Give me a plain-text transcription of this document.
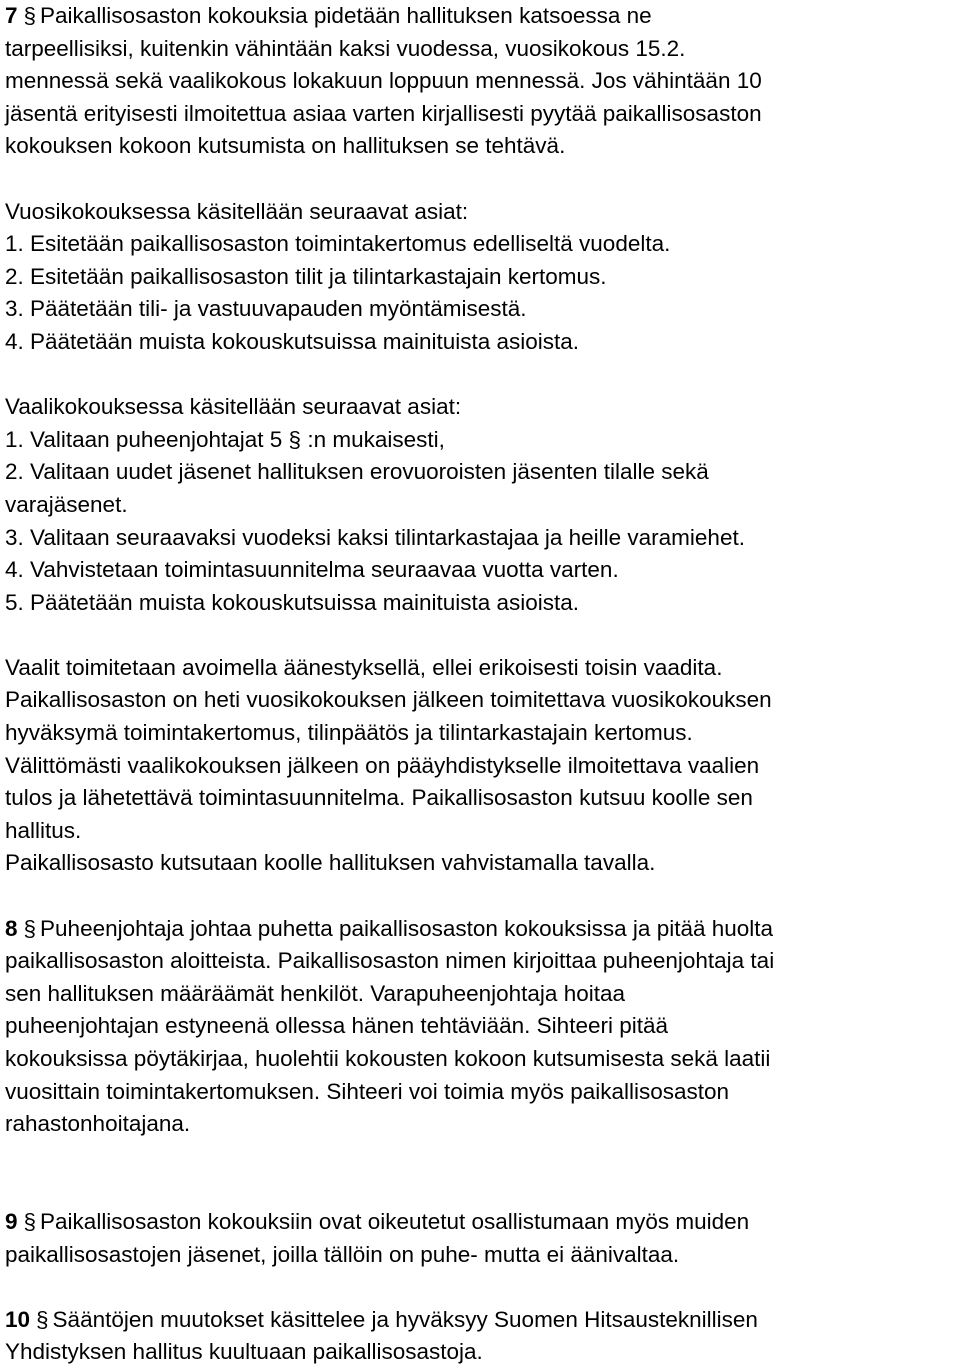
7 § Paikallisosaston kokouksia pidetään hallituksen katsoessa ne
tarpeellisiksi, kuitenkin vähintään kaksi vuodessa, vuosikokous 15.2.
mennessä sekä vaalikokous lokakuun loppuun mennessä. Jos vähintään 10
jäsentä erityisesti ilmoitettua asiaa varten kirjallisesti pyytää paikallisosaston
kokouksen kokoon kutsumista on hallituksen se tehtävä.
Vuosikokouksessa käsitellään seuraavat asiat:
1. Esitetään paikallisosaston toimintakertomus edelliseltä vuodelta.
2. Esitetään paikallisosaston tilit ja tilintarkastajain kertomus.
3. Päätetään tili- ja vastuuvapauden myöntämisestä.
4. Päätetään muista kokouskutsuissa mainituista asioista.
Vaalikokouksessa käsitellään seuraavat asiat:
1. Valitaan puheenjohtajat 5 § :n mukaisesti,
2. Valitaan uudet jäsenet hallituksen erovuoroisten jäsenten tilalle sekä
varajäsenet.
3. Valitaan seuraavaksi vuodeksi kaksi tilintarkastajaa ja heille varamiehet.
4. Vahvistetaan toimintasuunnitelma seuraavaa vuotta varten.
5. Päätetään muista kokouskutsuissa mainituista asioista.
Vaalit toimitetaan avoimella äänestyksellä, ellei erikoisesti toisin vaadita.
Paikallisosaston on heti vuosikokouksen jälkeen toimitettava vuosikokouksen
hyväksymä toimintakertomus, tilinpäätös ja tilintarkastajain kertomus.
Välittömästi vaalikokouksen jälkeen on pääyhdistykselle ilmoitettava vaalien
tulos ja lähetettävä toimintasuunnitelma. Paikallisosaston kutsuu koolle sen
hallitus.
Paikallisosasto kutsutaan koolle hallituksen vahvistamalla tavalla.
8 § Puheenjohtaja johtaa puhetta paikallisosaston kokouksissa ja pitää huolta
paikallisosaston aloitteista. Paikallisosaston nimen kirjoittaa puheenjohtaja tai
sen hallituksen määräämät henkilöt. Varapuheenjohtaja hoitaa
puheenjohtajan estyneenä ollessa hänen tehtäviään. Sihteeri pitää
kokouksissa pöytäkirjaa, huolehtii kokousten kokoon kutsumisesta sekä laatii
vuosittain toimintakertomuksen. Sihteeri voi toimia myös paikallisosaston
rahastonhoitajana.
9 § Paikallisosaston kokouksiin ovat oikeutetut osallistumaan myös muiden
paikallisosastojen jäsenet, joilla tällöin on puhe- mutta ei äänivaltaa.
10 § Sääntöjen muutokset käsittelee ja hyväksyy Suomen Hitsausteknillisen
Yhdistyksen hallitus kuultuaan paikallisosastoja.
